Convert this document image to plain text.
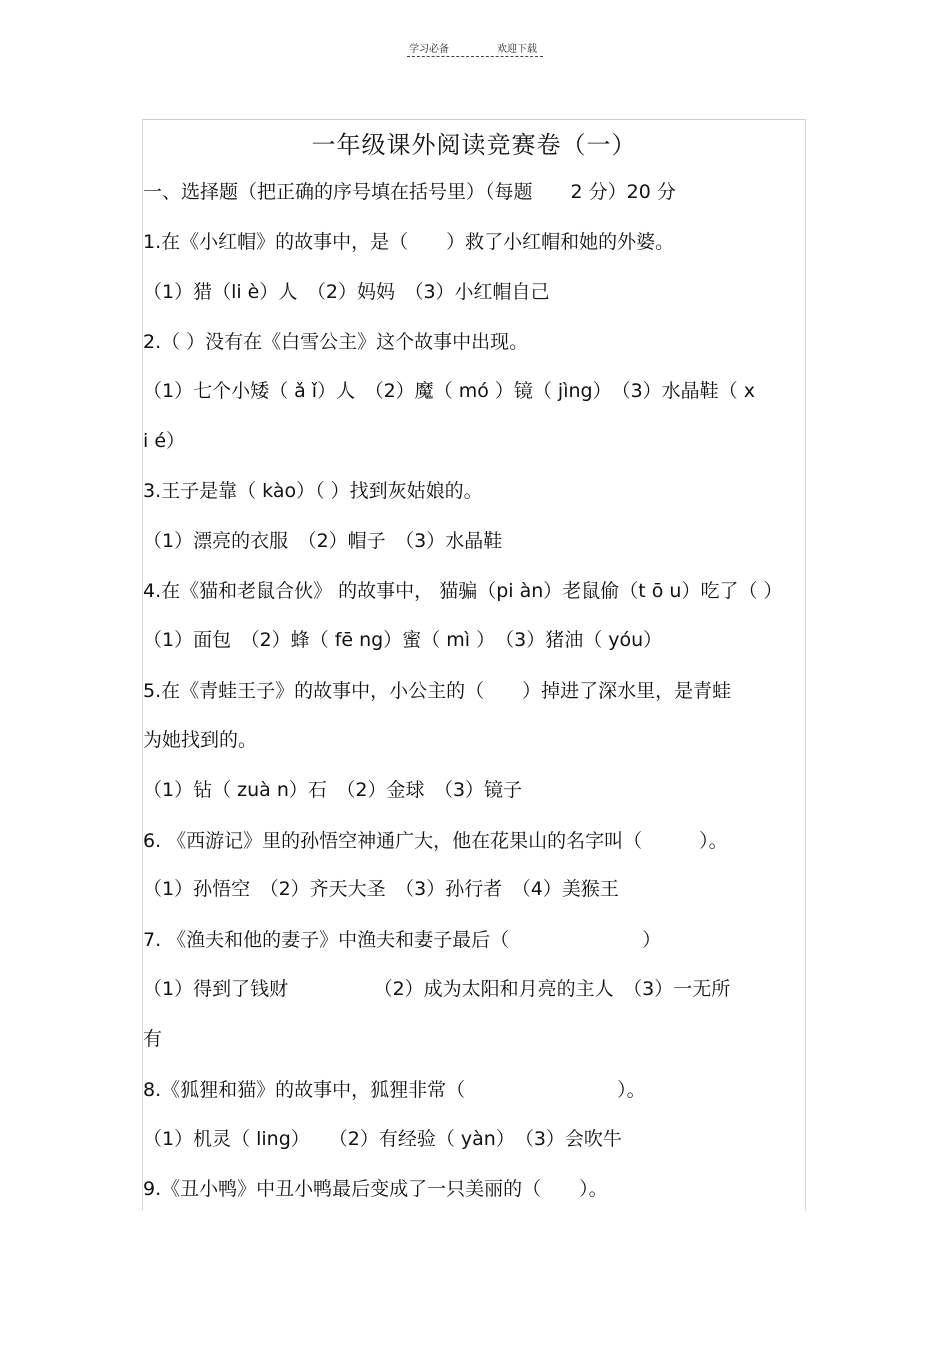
学习必备	欢迎下载
一年级课外阅读竞赛卷（一）
一、选择题（把正确的序号填在括号里）（每题　　2 分）20 分
1.在《小红帽》的故事中，是（　　）救了小红帽和她的外婆。
（1）猎（li è）人　（2）妈妈　（3）小红帽自己
2.（ ）没有在《白雪公主》这个故事中出现。
（1）七个小矮（ ǎ ǐ）人　（2）魔（ mó ）镜（ jìng）　（3）水晶鞋（ x
i é）
3.王子是靠（ kào）（ ）找到灰姑娘的。
（1）漂亮的衣服　（2）帽子　（3）水晶鞋
4.在《猫和老鼠合伙》 的故事中， 猫骗（pi àn）老鼠偷（t ō u）吃了（ ）
（1）面包　（2）蜂（ fē ng）蜜（ mì ）　（3）猪油（ yóu）
5.在《青蛙王子》的故事中，小公主的（　　）掉进了深水里，是青蛙
为她找到的。
（1）钻（ zuà n）石　（2）金球　（3）镜子
6. 《西游记》里的孙悟空神通广大，他在花果山的名字叫（　　　）。
（1）孙悟空　（2）齐天大圣　（3）孙行者　（4）美猴王
7. 《渔夫和他的妻子》中渔夫和妻子最后（　　　　　　　）
（1）得到了钱财　　　　　（2）成为太阳和月亮的主人　（3）一无所
有
8.《狐狸和猫》的故事中，狐狸非常（　　　　　　　　）。
（1）机灵（ ling）　　（2）有经验（ yàn）　（3）会吹牛
9.《丑小鸭》中丑小鸭最后变成了一只美丽的（　　）。
